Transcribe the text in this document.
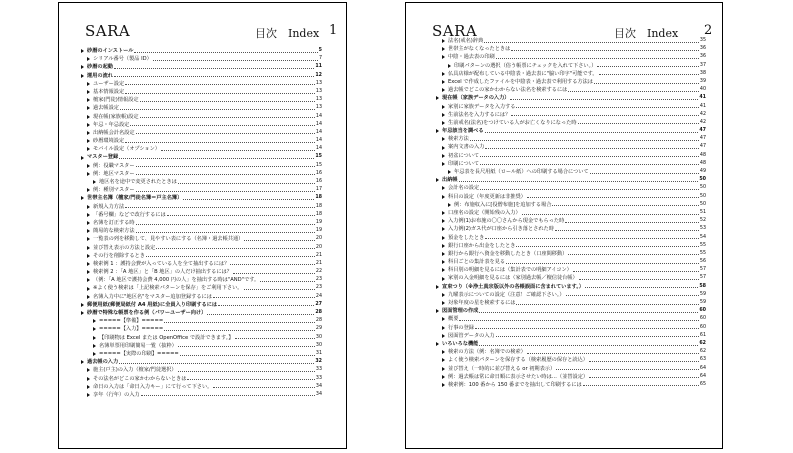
SARA	目次　Index 1
砂暦のインストール	5
シリアル番号（製品 ID）	7
砂暦の起動	11
運用の流れ	12
ユーザー設定	13
基本情報設定	13
檀家(門徒)情報設定	13
過去帳設定	13
現在帳(家族帳)設定	14
年忌・年忌設定	14
出納帳会計名設定	14
砂暦環境設定	14
モバイル設定（オプション）	14
マスター登録	15
例：役職マスター	15
例：地区マスター	16
地区名を途中で変更されたときは	16
例：種別マスター	17
世帯主名簿（檀家/門徒名簿＝戸主名簿）	18
新規入力方法	18
「番号欄」などで改行するには	18
名簿を訂正する時	19
簡易的な検索方法	19
一覧表の列を移動して、見やすい表にする（名簿・過去帳共通）	20
並び替え表示の方法と設定	20
その行を削除するとき	21
検索例 1 ：護持会費が入っている人を全て抽出するには？	21
検索例 2 ：「A 地区」と「B 地区」の人だけ抽出するには？	22
（例：「A 地区で護持会費 4,000 円の人」を抽出する時は"AND"です。	23
※よく使う検索は「上記検索パターンを保存」をご利用下さい。	23
名簿入力中に"地区名"をマスター追加登録するには	24
郵便用紙(郵便局紙付 A4 用紙)に全員入り印刷するには	27
砂暦で特殊な帳票を作る例（パワーユーザー向け）	28
=====【準備】=====	28
=====【入力】=====	29
【印刷物は Excel または OpenOffice で設計できます。】	30
名簿単票用印刷簡易一覧（抜粋）	30
=====【実際の印刷】=====	31
過去帳の入力	32
施主(戸主)の入力（檀家/門徒選択）	33
その法名がどこの家かわからないときは	33
命日の入力は「命日入力キー」にて行って下さい。	34
享年（行年）の入力	34
SARA	目次　Index 2
法名(戒名)辞典	35
世帯主がなくなったときは	36
中陰・過去表の印刷	36
印刷パターンの選択（俗う帳票にチェックを入れて下さい。）	37
仏具店様が配布している中陰表・過去表に"脇い印字"可能です。	38
Excel で作成したファイルを中陰表・過去表で利用する方法は	39
過去帳でどこの家かわからない法名を検索するには	40
現在帳（家族データの入力）	41
家別に家族データを入力する	41
生前法名を入力するには？	42
生前戒名(法名)をつけている人がお亡くなりになった時	42
年忌該当を調べる	47
検索方法	47
案内文書の入力	47
初盆について	48
印刷について	48
年忌表を長尺用紙（ロール紙）への印刷する場合について	49
出納帳	50
会計名の設定	50
科目の設定（年度更新は非推奨）	50
例：布施収入に[役僧布施]を追加する場合	50
口座名の設定（開始残の入力）	51
入力例(1)お布施の〇〇さんから現金でもらった時	52
入力例(2)ガス代が口座から引き落とされた時	53
預金をしたとき	54
銀行口座から出金をしたとき	55
銀行から銀行へ資金を移動したとき（口座間移動）	55
科目ごとの集計表を見る	56
科目別の明細を見るには（集計表での明細アイコン）	57
家別の入金明細を見るには（家別過去帳／檀信徒台帳）	57
宣束つり（※浄土真宗版以外の各帳誤面に含まれています。）	58
九曜表示についての設定（注意！ご確認下さい。）	59
対象年度の星を検索するには	59
図面管理の作成	60
概要	60
行事の登録	60
図面管データの入力	61
いろいろな機能	62
検索の方法（例：名簿での検索）	62
よく使う検索パターンを保存する（検索履歴の保存と読込）	63
並び替え（一時的に並び替える or 初期表示）	64
例：過去帳は常に命日順に表示させたい時は…（並替設定）	64
検索例：100 番から 150 番までを抽出して印刷するには	65
